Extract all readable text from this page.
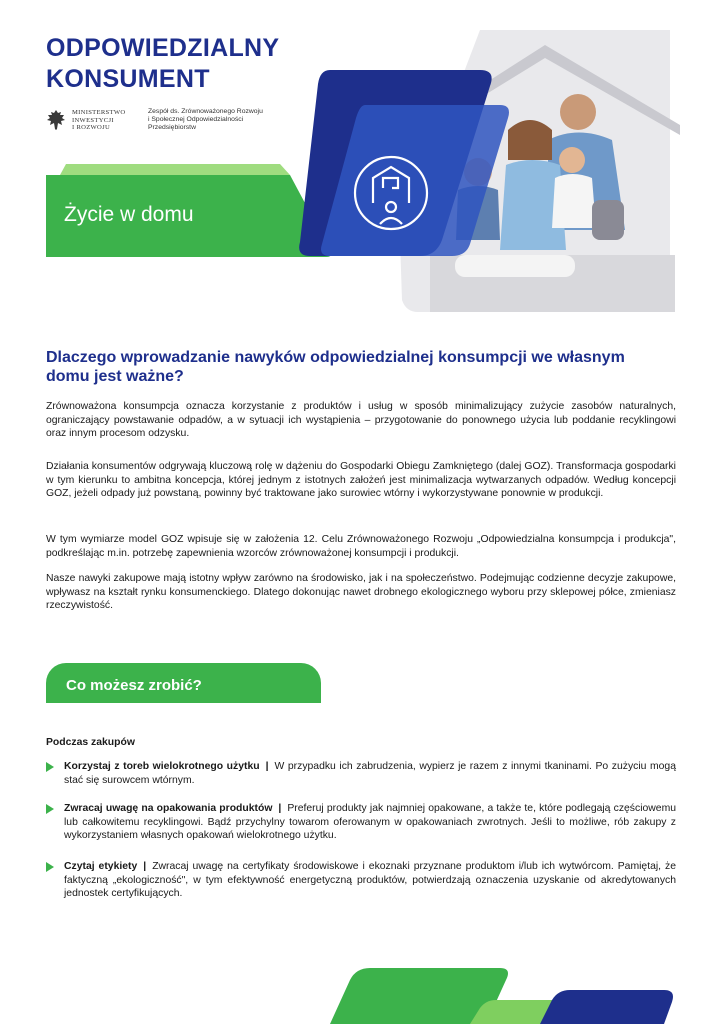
ODPOWIEDZIALNY
KONSUMENT
MINISTERSTWO
INWESTYCJI
I ROZWOJU
Zespół ds. Zrównoważonego Rozwoju
i Społecznej Odpowiedzialności
Przedsiębiorstw
Życie w domu
Dlaczego wprowadzanie nawyków odpowiedzialnej konsumpcji we własnym domu jest ważne?
Zrównoważona konsumpcja oznacza korzystanie z produktów i usług w sposób minimalizujący zużycie zasobów naturalnych, ograniczający powstawanie odpadów, a w sytuacji ich wystąpienia – przygotowanie do ponownego użycia lub poddanie recyklingowi oraz innym procesom odzysku.
Działania konsumentów odgrywają kluczową rolę w dążeniu do Gospodarki Obiegu Zamkniętego (dalej GOZ). Transformacja gospodarki w tym kierunku to ambitna koncepcja, której jednym z istotnych założeń jest minimalizacja wytwarzanych odpadów. Według koncepcji GOZ, jeżeli odpady już powstaną, powinny być traktowane jako surowiec wtórny i wykorzystywane ponownie w produkcji.
W tym wymiarze model GOZ wpisuje się w założenia 12. Celu Zrównoważonego Rozwoju „Odpowiedzialna konsumpcja i produkcja", podkreślając m.in. potrzebę zapewnienia wzorców zrównoważonej konsumpcji i produkcji.
Nasze nawyki zakupowe mają istotny wpływ zarówno na środowisko, jak i na społeczeństwo. Podejmując codzienne decyzje zakupowe, wpływasz na kształt rynku konsumenckiego. Dlatego dokonując nawet drobnego ekologicznego wyboru przy sklepowej półce, zmieniasz rzeczywistość.
Co możesz zrobić?
Podczas zakupów
Korzystaj z toreb wielokrotnego użytku | W przypadku ich zabrudzenia, wypierz je razem z innymi tkaninami. Po zużyciu mogą stać się surowcem wtórnym.
Zwracaj uwagę na opakowania produktów | Preferuj produkty jak najmniej opakowane, a także te, które podlegają częściowemu lub całkowitemu recyklingowi. Bądź przychylny towarom oferowanym w opakowaniach zwrotnych. Jeśli to możliwe, rób zakupy z wykorzystaniem własnych opakowań wielokrotnego użytku.
Czytaj etykiety | Zwracaj uwagę na certyfikaty środowiskowe i ekoznaki przyznane produktom i/lub ich wytwórcom. Pamiętaj, że faktyczną „ekologiczność", w tym efektywność energetyczną produktów, potwierdzają oznaczenia uzyskanie od akredytowanych jednostek certyfikujących.
